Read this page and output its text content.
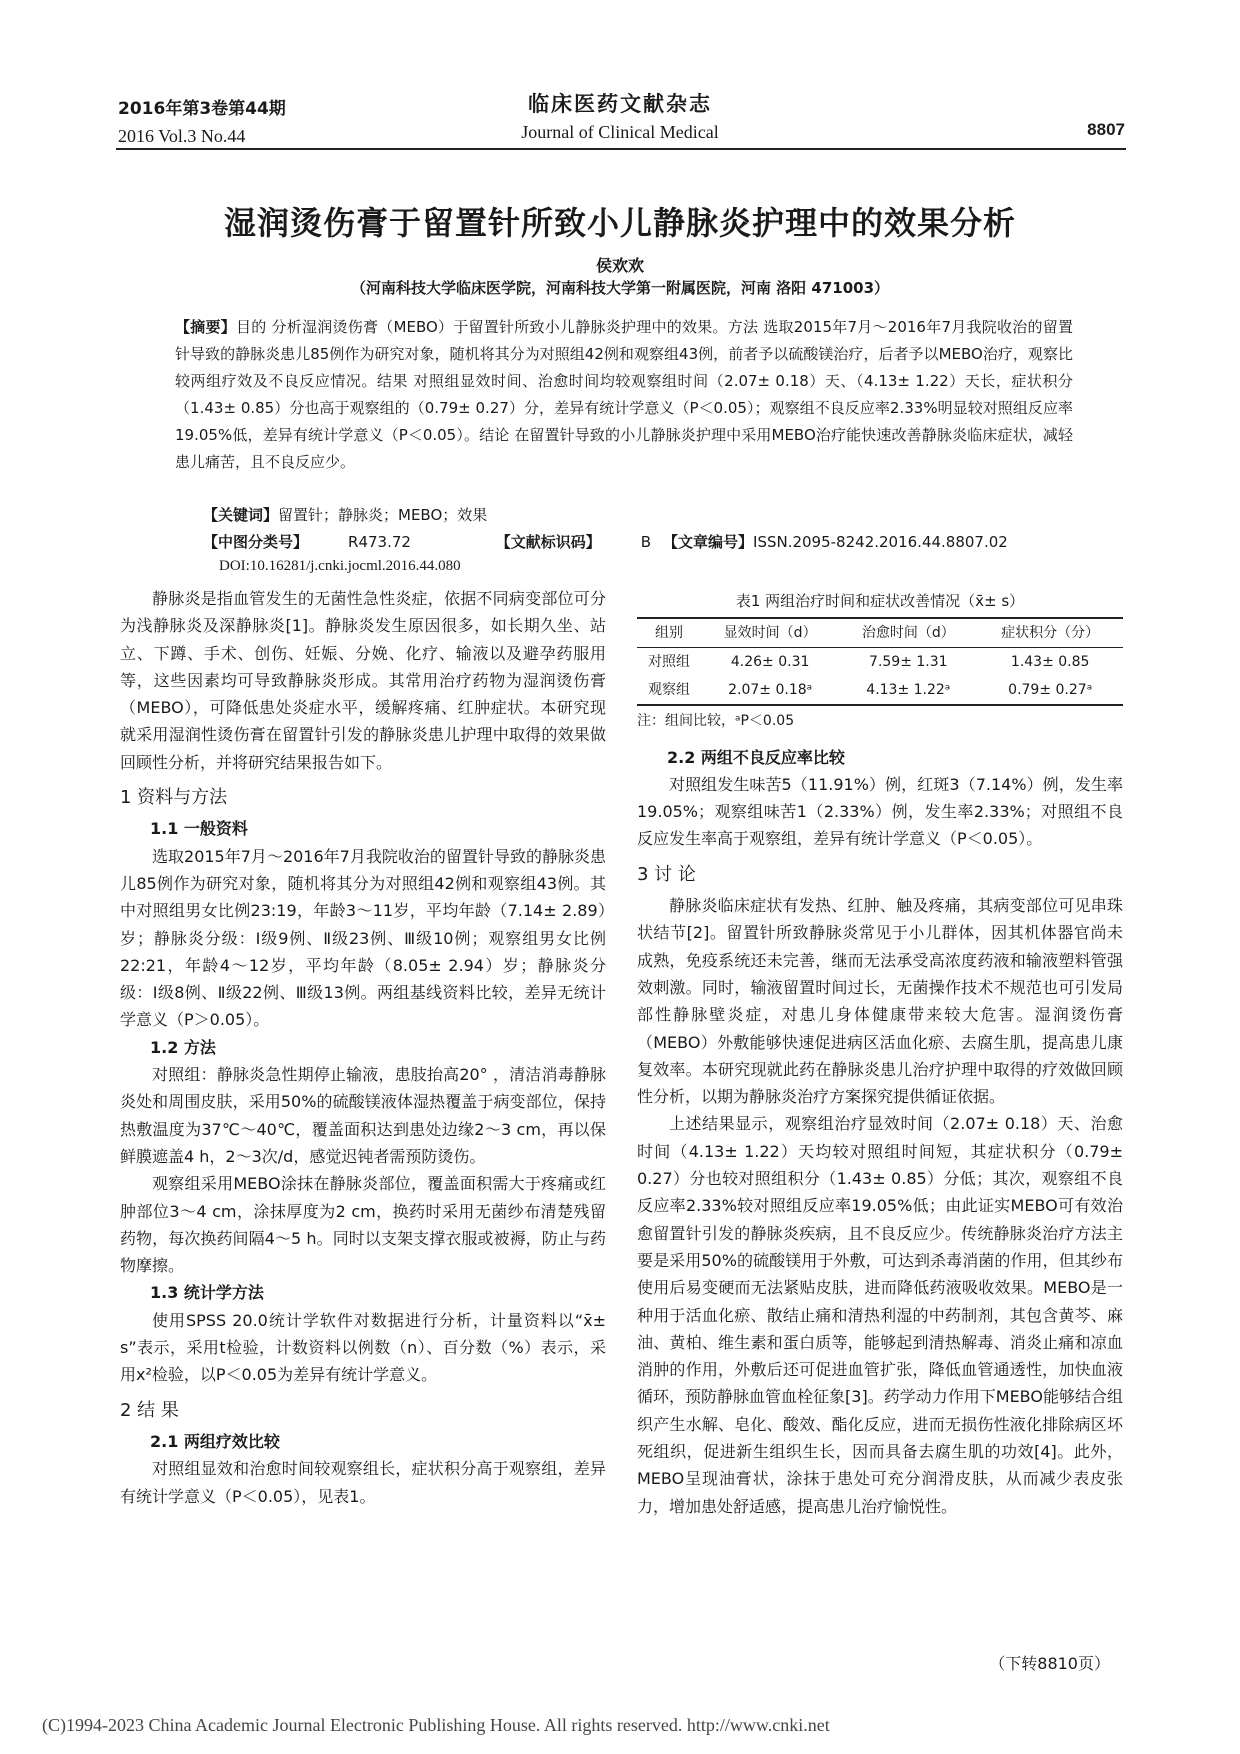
2016年第3卷第44期
2016 Vol.3 No.44
临床医药文献杂志
Journal of Clinical Medical	8807
湿润烫伤膏于留置针所致小儿静脉炎护理中的效果分析
侯欢欢
（河南科技大学临床医学院，河南科技大学第一附属医院，河南 洛阳 471003）
【摘要】目的 分析湿润烫伤膏（MEBO）于留置针所致小儿静脉炎护理中的效果。方法 选取2015年7月～2016年7月我院收治的留置针导致的静脉炎患儿85例作为研究对象，随机将其分为对照组42例和观察组43例，前者予以硫酸镁治疗，后者予以MEBO治疗，观察比较两组疗效及不良反应情况。结果 对照组显效时间、治愈时间均较观察组时间（2.07± 0.18）天、（4.13± 1.22）天长，症状积分（1.43± 0.85）分也高于观察组的（0.79± 0.27）分，差异有统计学意义（P＜0.05）；观察组不良反应率2.33%明显较对照组反应率19.05%低，差异有统计学意义（P＜0.05）。结论 在留置针导致的小儿静脉炎护理中采用MEBO治疗能快速改善静脉炎临床症状，减轻患儿痛苦，且不良反应少。
【关键词】留置针；静脉炎；MEBO；效果
【中图分类号】	R473.72	【文献标识码】	B 【文章编号】ISSN.2095-8242.2016.44.8807.02
DOI:10.16281/j.cnki.jocml.2016.44.080

静脉炎是指血管发生的无菌性急性炎症，依据不同病变部位可分为浅静脉炎及深静脉炎[1]。静脉炎发生原因很多，如长期久坐、站立、下蹲、手术、创伤、妊娠、分娩、化疗、输液以及避孕药服用等，这些因素均可导致静脉炎形成。其常用治疗药物为湿润烫伤膏（MEBO），可降低患处炎症水平，缓解疼痛、红肿症状。本研究现就采用湿润性烫伤膏在留置针引发的静脉炎患儿护理中取得的效果做回顾性分析，并将研究结果报告如下。

1 资料与方法
1.1 一般资料

选取2015年7月～2016年7月我院收治的留置针导致的静脉炎患儿85例作为研究对象，随机将其分为对照组42例和观察组43例。其中对照组男女比例23:19，年龄3～11岁，平均年龄（7.14± 2.89）岁；静脉炎分级：Ⅰ级9例、Ⅱ级23例、Ⅲ级10例；观察组男女比例22:21，年龄4～12岁，平均年龄（8.05± 2.94）岁；静脉炎分级：Ⅰ级8例、Ⅱ级22例、Ⅲ级13例。两组基线资料比较，差异无统计学意义（P＞0.05）。

1.2 方法

对照组：静脉炎急性期停止输液，患肢抬高20° ，清洁消毒静脉炎处和周围皮肤，采用50%的硫酸镁液体湿热覆盖于病变部位，保持热敷温度为37℃～40℃，覆盖面积达到患处边缘2～3 cm，再以保鲜膜遮盖4 h，2～3次/d，感觉迟钝者需预防烫伤。

观察组采用MEBO涂抹在静脉炎部位，覆盖面积需大于疼痛或红肿部位3～4 cm，涂抹厚度为2 cm，换药时采用无菌纱布清楚残留药物，每次换药间隔4～5 h。同时以支架支撑衣服或被褥，防止与药物摩擦。

1.3 统计学方法

使用SPSS 20.0统计学软件对数据进行分析，计量资料以“x̄± s”表示，采用t检验，计数资料以例数（n）、百分数（%）表示，采用x²检验，以P＜0.05为差异有统计学意义。

2 结 果
2.1 两组疗效比较

对照组显效和治愈时间较观察组长，症状积分高于观察组，差异有统计学意义（P＜0.05），见表1。

表1 两组治疗时间和症状改善情况（x̄± s）
组别	显效时间（d）	治愈时间（d）	症状积分（分）
对照组	4.26± 0.31	7.59± 1.31	1.43± 0.85
观察组	2.07± 0.18ᵃ	4.13± 1.22ᵃ	0.79± 0.27ᵃ
注：组间比较，ᵃP＜0.05
2.2 两组不良反应率比较

对照组发生味苦5（11.91%）例，红斑3（7.14%）例，发生率19.05%；观察组味苦1（2.33%）例，发生率2.33%；对照组不良反应发生率高于观察组，差异有统计学意义（P＜0.05）。

3 讨 论

静脉炎临床症状有发热、红肿、触及疼痛，其病变部位可见串珠状结节[2]。留置针所致静脉炎常见于小儿群体，因其机体器官尚未成熟，免疫系统还未完善，继而无法承受高浓度药液和输液塑料管强效刺激。同时，输液留置时间过长，无菌操作技术不规范也可引发局部性静脉壁炎症，对患儿身体健康带来较大危害。湿润烫伤膏（MEBO）外敷能够快速促进病区活血化瘀、去腐生肌，提高患儿康复效率。本研究现就此药在静脉炎患儿治疗护理中取得的疗效做回顾性分析，以期为静脉炎治疗方案探究提供循证依据。

上述结果显示，观察组治疗显效时间（2.07± 0.18）天、治愈时间（4.13± 1.22）天均较对照组时间短，其症状积分（0.79± 0.27）分也较对照组积分（1.43± 0.85）分低；其次，观察组不良反应率2.33%较对照组反应率19.05%低；由此证实MEBO可有效治愈留置针引发的静脉炎疾病，且不良反应少。传统静脉炎治疗方法主要是采用50%的硫酸镁用于外敷，可达到杀毒消菌的作用，但其纱布使用后易变硬而无法紧贴皮肤，进而降低药液吸收效果。MEBO是一种用于活血化瘀、散结止痛和清热利湿的中药制剂，其包含黄芩、麻油、黄柏、维生素和蛋白质等，能够起到清热解毒、消炎止痛和凉血消肿的作用，外敷后还可促进血管扩张，降低血管通透性，加快血液循环，预防静脉血管血栓征象[3]。药学动力作用下MEBO能够结合组织产生水解、皂化、酸效、酯化反应，进而无损伤性液化排除病区坏死组织，促进新生组织生长，因而具备去腐生肌的功效[4]。此外，MEBO呈现油膏状，涂抹于患处可充分润滑皮肤，从而减少表皮张力，增加患处舒适感，提高患儿治疗愉悦性。

（下转8810页）
(C)1994-2023 China Academic Journal Electronic Publishing House. All rights reserved. http://www.cnki.net
